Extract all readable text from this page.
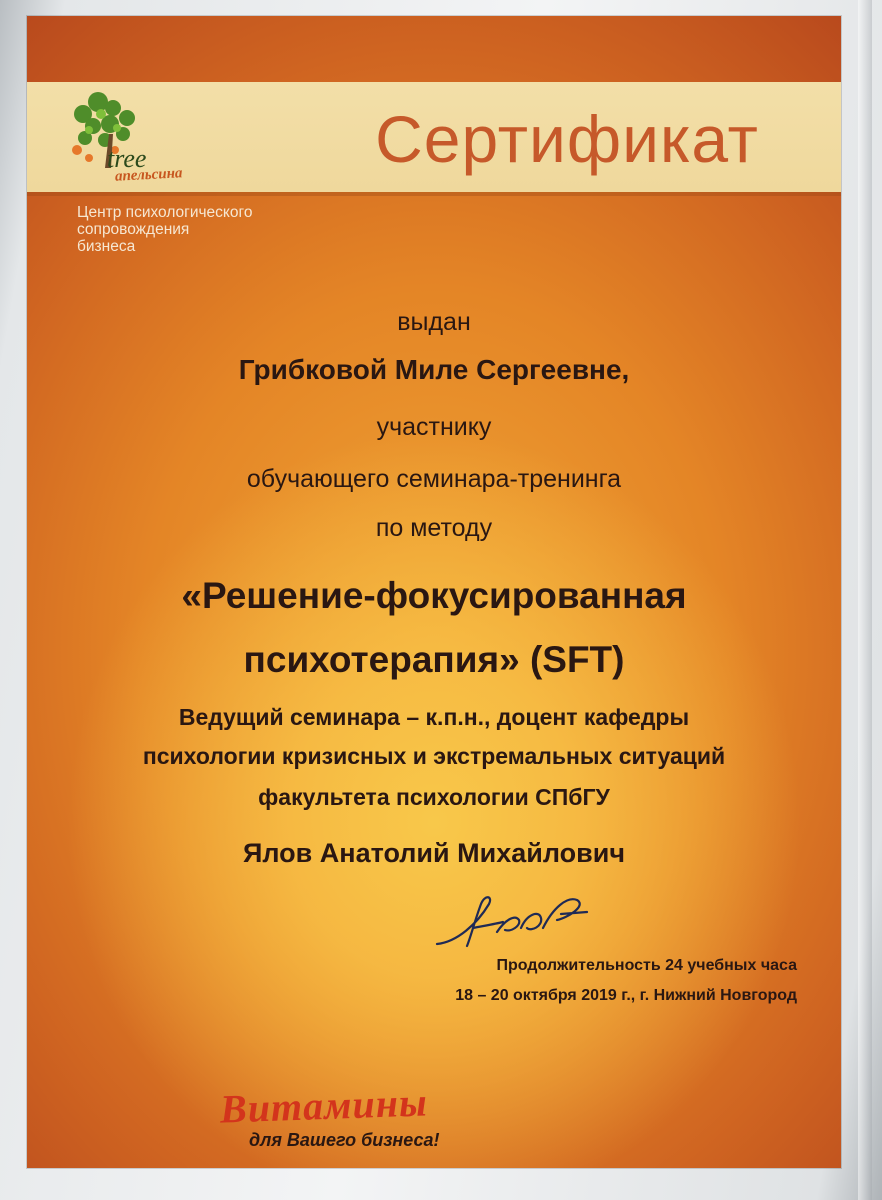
tree
апельсина	Сертификат
Центр психологического
сопровождения
бизнеса
выдан
Грибковой Миле Сергеевне,
участнику
обучающего семинара-тренинга
по методу
«Решение-фокусированная
психотерапия» (SFT)
Ведущий семинара – к.п.н., доцент кафедры
психологии кризисных и экстремальных ситуаций
факультета психологии СПбГУ
Ялов Анатолий Михайлович
Продолжительность 24 учебных часа
18 – 20 октября 2019 г., г. Нижний Новгород
Витамины
для Вашего бизнеса!
